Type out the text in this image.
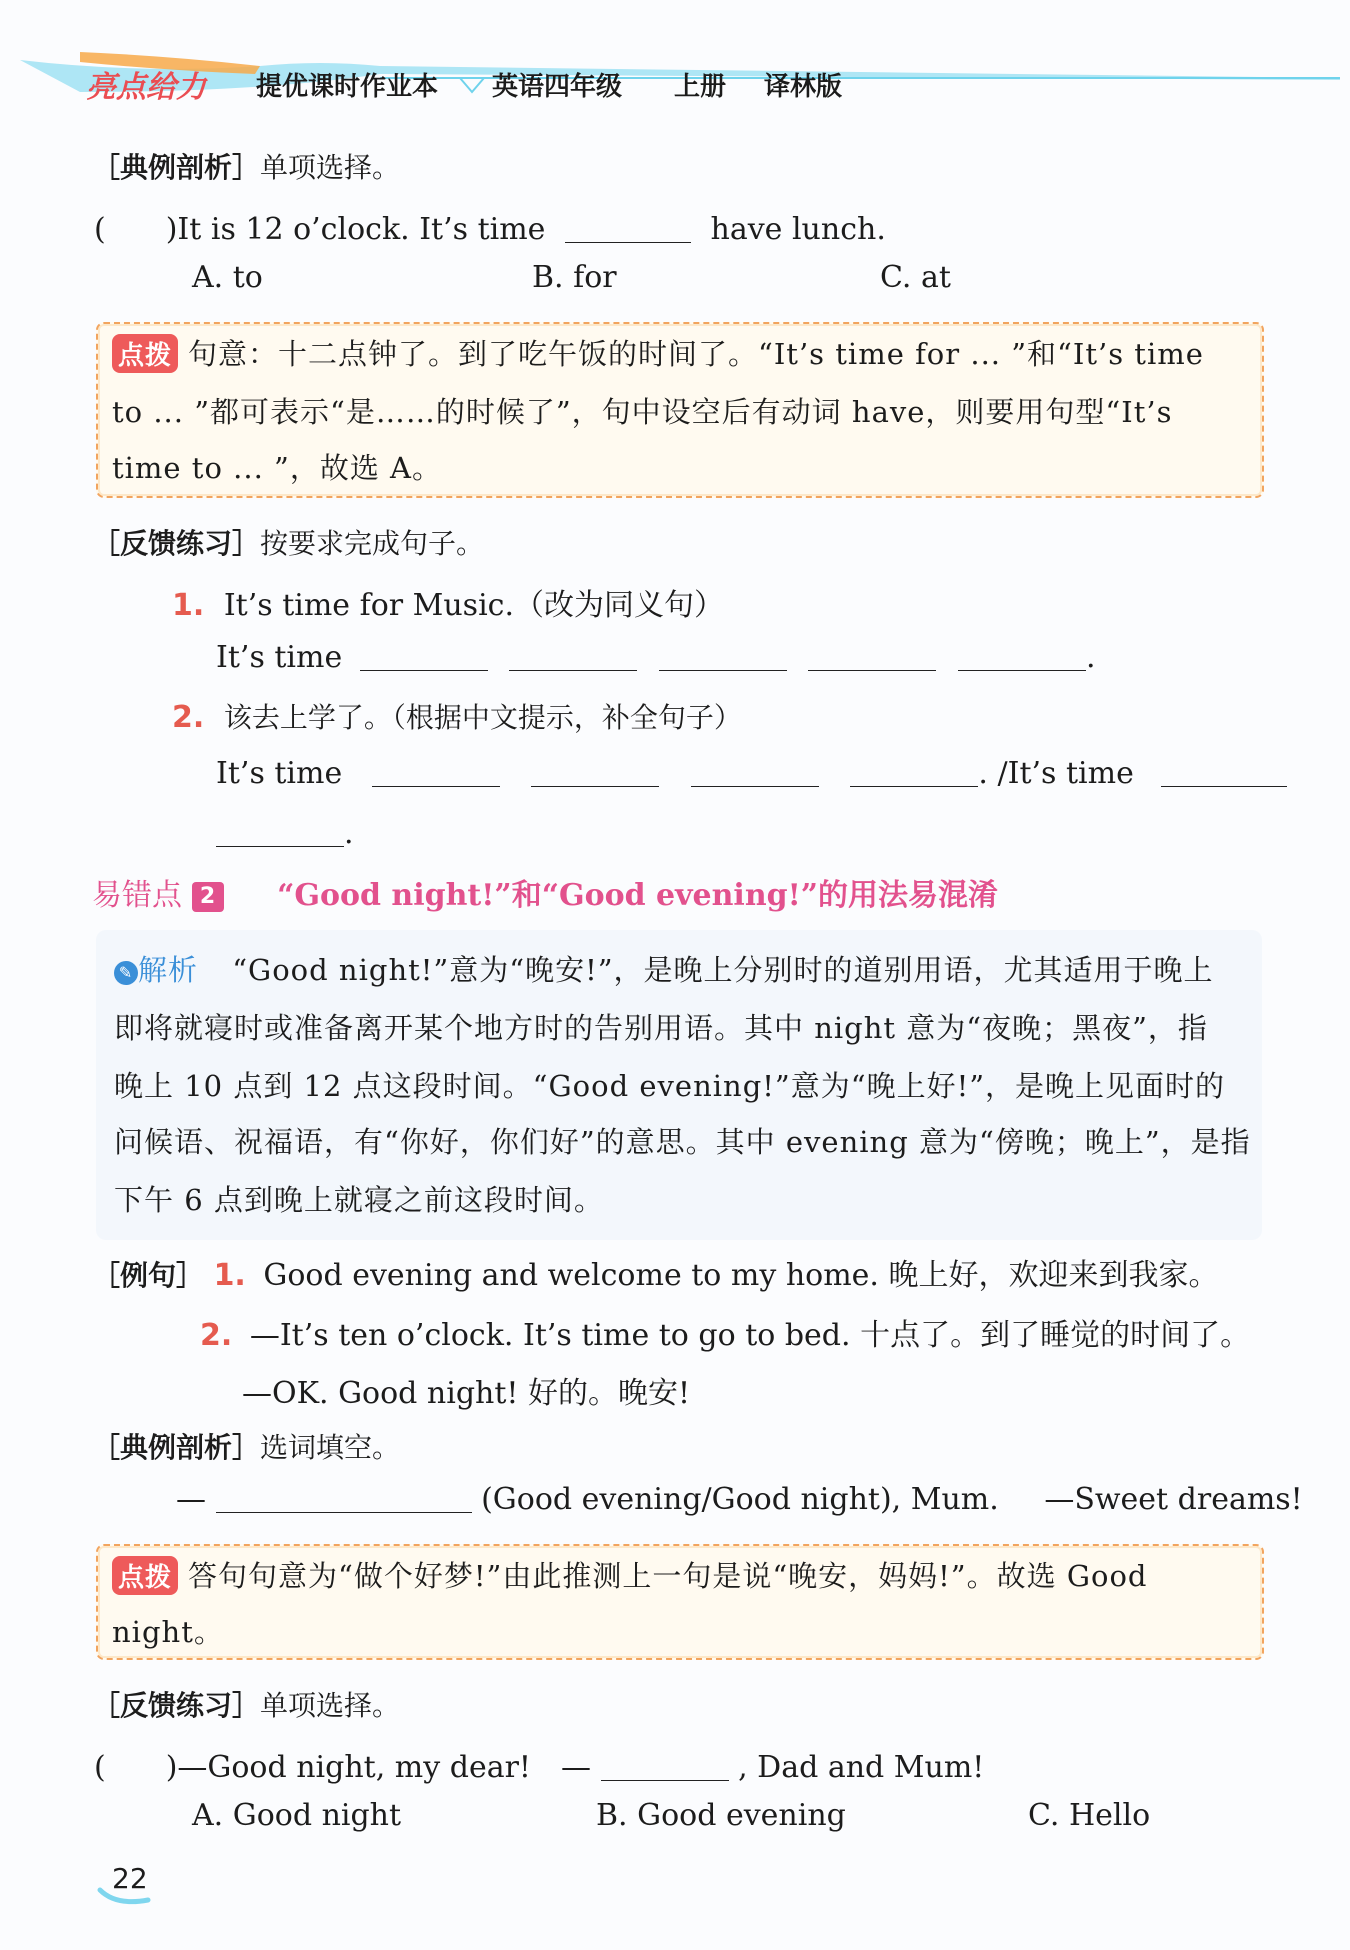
亮点给力 提优课时作业本 英语四年级 上册 译林版
［典例剖析］单项选择。
(　　)It is 12 o’clock. It’s time	have lunch.
A. to	B. for	C. at
点拨 句意：十二点钟了。到了吃午饭的时间了。“It’s time for ... ”和“It’s time
to ... ”都可表示“是……的时候了”，句中设空后有动词 have，则要用句型“It’s
time to ... ”，故选 A。
［反馈练习］按要求完成句子。
1. It’s time for Music.（改为同义句）
It’s time	.
2. 该去上学了。（根据中文提示，补全句子）
It’s time	. /It’s time
.
易错点 2 “Good night!”和“Good evening!”的用法易混淆
✎ 解析 “Good night!”意为“晚安!”，是晚上分别时的道别用语，尤其适用于晚上
即将就寝时或准备离开某个地方时的告别用语。其中 night 意为“夜晚；黑夜”，指
晚上 10 点到 12 点这段时间。“Good evening!”意为“晚上好!”，是晚上见面时的
问候语、祝福语，有“你好，你们好”的意思。其中 evening 意为“傍晚；晚上”，是指
下午 6 点到晚上就寝之前这段时间。
［例句］ 1. Good evening and welcome to my home. 晚上好，欢迎来到我家。
2. —It’s ten o’clock. It’s time to go to bed. 十点了。到了睡觉的时间了。
—OK. Good night! 好的。晚安!
［典例剖析］选词填空。
—	(Good evening/Good night), Mum. —Sweet dreams!
点拨 答句句意为“做个好梦!”由此推测上一句是说“晚安，妈妈!”。故选 Good
night。
［反馈练习］单项选择。
(　　)—Good night, my dear!　—	, Dad and Mum!
A. Good night	B. Good evening	C. Hello
22
